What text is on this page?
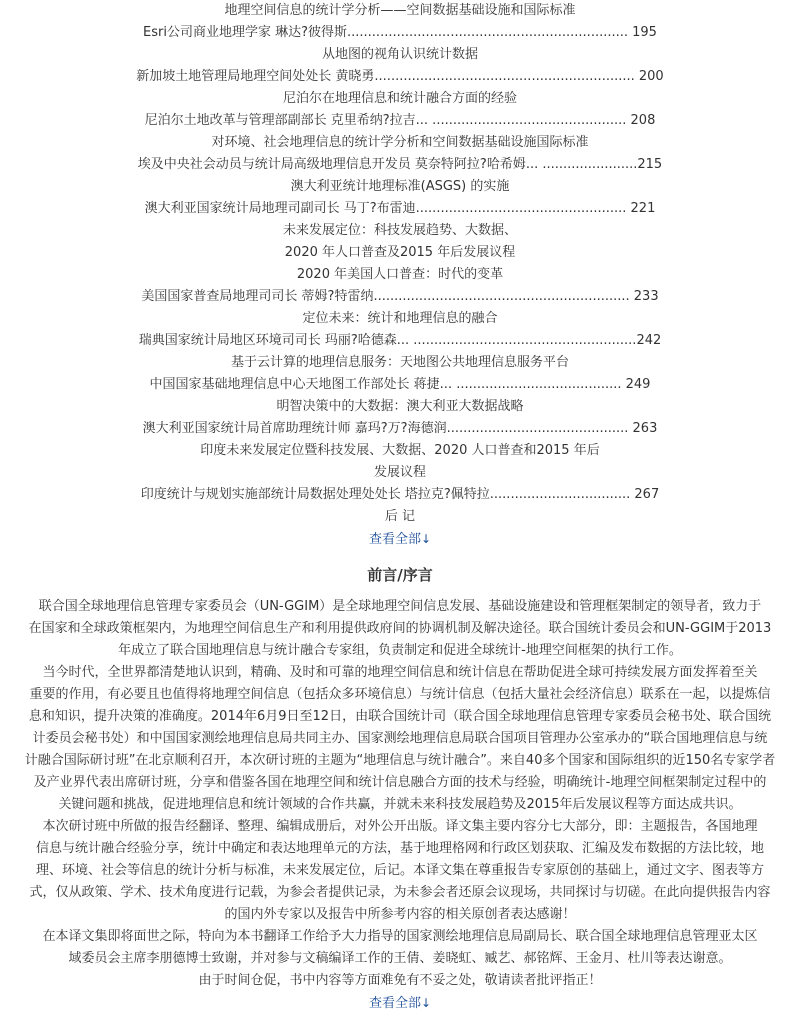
地理空间信息的统计学分析——空间数据基础设施和国际标准
Esri公司商业地理学家 琳达?彼得斯.................................................................... 195
从地图的视角认识统计数据
新加坡土地管理局地理空间处处长 黄晓勇............................................................... 200
尼泊尔在地理信息和统计融合方面的经验
尼泊尔土地改革与管理部副部长 克里希纳?拉吉... ............................................... 208
对环境、社会地理信息的统计学分析和空间数据基础设施国际标准
埃及中央社会动员与统计局高级地理信息开发员 莫奈特阿拉?哈希姆... .......................215
澳大利亚统计地理标准(ASGS) 的实施
澳大利亚国家统计局地理司副司长 马丁?布雷迪................................................... 221
未来发展定位：科技发展趋势、大数据、
2020 年人口普查及2015 年后发展议程
2020 年美国人口普查：时代的变革
美国国家普查局地理司司长 蒂姆?特雷纳.............................................................. 233
定位未来：统计和地理信息的融合
瑞典国家统计局地区环境司司长 玛丽?哈德森... ......................................................242
基于云计算的地理信息服务：天地图公共地理信息服务平台
中国国家基础地理信息中心天地图工作部处长 蒋捷... ........................................ 249
明智决策中的大数据：澳大利亚大数据战略
澳大利亚国家统计局首席助理统计师 嘉玛?万?海德润............................................ 263
印度未来发展定位暨科技发展、大数据、2020 人口普查和2015 年后
发展议程
印度统计与规划实施部统计局数据处理处处长 塔拉克?佩特拉.................................. 267
后 记
查看全部↓
前言/序言

联合国全球地理信息管理专家委员会（UN-GGIM）是全球地理空间信息发展、基础设施建设和管理框架制定的领导者，致力于

在国家和全球政策框架内，为地理空间信息生产和利用提供政府间的协调机制及解决途径。联合国统计委员会和UN-GGIM于2013

年成立了联合国地理信息与统计融合专家组，负责制定和促进全球统计-地理空间框架的执行工作。

当今时代，全世界都清楚地认识到，精确、及时和可靠的地理空间信息和统计信息在帮助促进全球可持续发展方面发挥着至关

重要的作用，有必要且也值得将地理空间信息（包括众多环境信息）与统计信息（包括大量社会经济信息）联系在一起，以提炼信

息和知识，提升决策的准确度。2014年6月9日至12日，由联合国统计司（联合国全球地理信息管理专家委员会秘书处、联合国统

计委员会秘书处）和中国国家测绘地理信息局共同主办、国家测绘地理信息局联合国项目管理办公室承办的“联合国地理信息与统

计融合国际研讨班”在北京顺利召开，本次研讨班的主题为“地理信息与统计融合”。来自40多个国家和国际组织的近150名专家学者

及产业界代表出席研讨班，分享和借鉴各国在地理空间和统计信息融合方面的技术与经验，明确统计-地理空间框架制定过程中的

关键问题和挑战，促进地理信息和统计领域的合作共赢，并就未来科技发展趋势及2015年后发展议程等方面达成共识。

本次研讨班中所做的报告经翻译、整理、编辑成册后，对外公开出版。译文集主要内容分七大部分，即：主题报告，各国地理

信息与统计融合经验分享，统计中确定和表达地理单元的方法，基于地理格网和行政区划获取、汇编及发布数据的方法比较，地

理、环境、社会等信息的统计分析与标准，未来发展定位，后记。本译文集在尊重报告专家原创的基础上，通过文字、图表等方

式，仅从政策、学术、技术角度进行记载，为参会者提供记录，为未参会者还原会议现场，共同探讨与切磋。在此向提供报告内容

的国内外专家以及报告中所参考内容的相关原创者表达感谢！

在本译文集即将面世之际，特向为本书翻译工作给予大力指导的国家测绘地理信息局副局长、联合国全球地理信息管理亚太区

域委员会主席李朋德博士致谢，并对参与文稿编译工作的王倩、姜晓虹、臧艺、郝铭辉、王金月、杜川等表达谢意。

由于时间仓促，书中内容等方面难免有不妥之处，敬请读者批评指正！

查看全部↓
